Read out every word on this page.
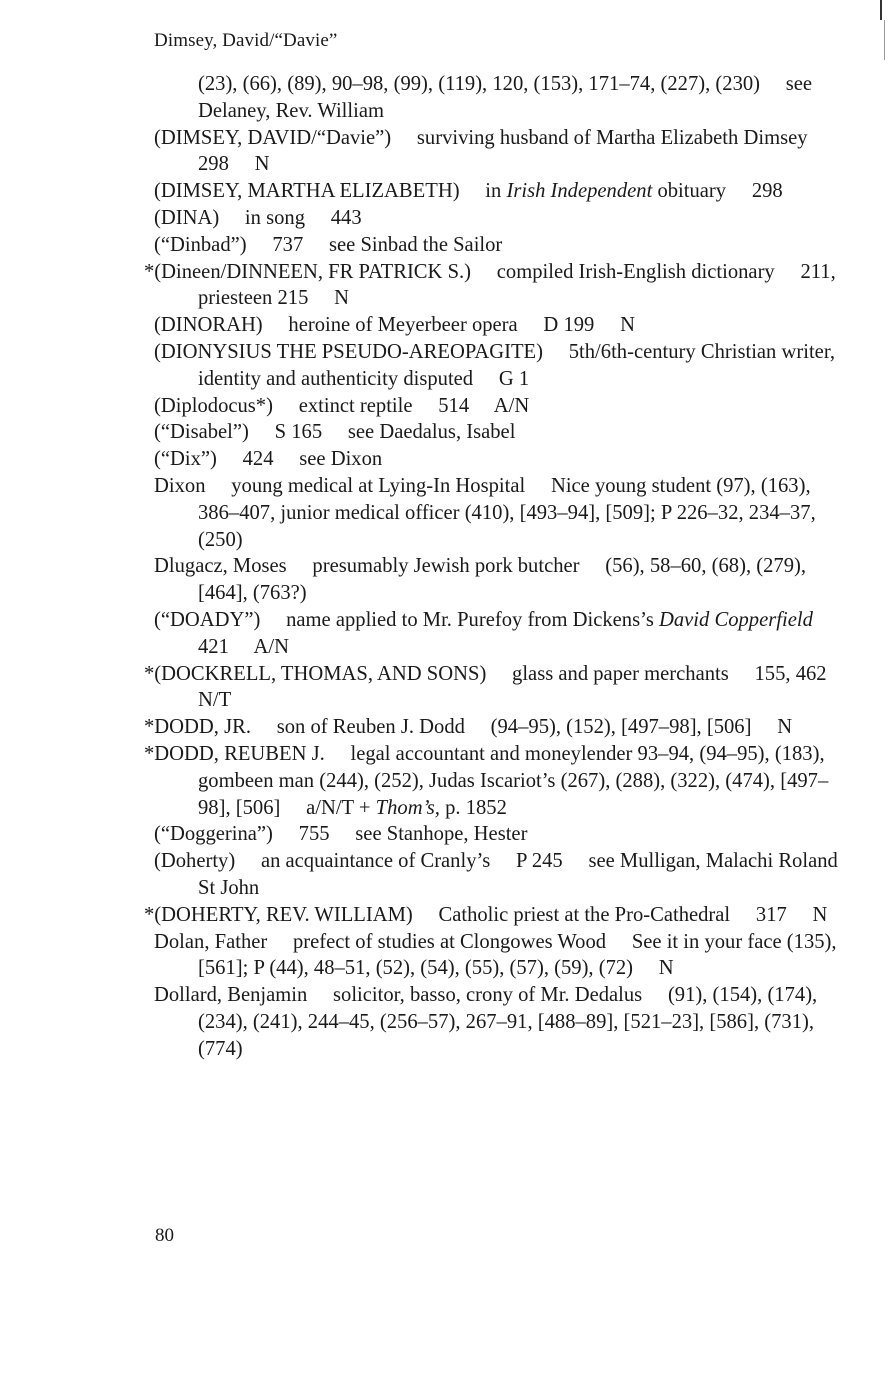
Dimsey, David/“Davie”
(23), (66), (89), 90–98, (99), (119), 120, (153), 171–74, (227), (230)     see Delaney, Rev. William
(DIMSEY, DAVID/“Davie”)     surviving husband of Martha Elizabeth Dimsey     298     N
(DIMSEY, MARTHA ELIZABETH)     in Irish Independent obituary     298
(DINA)     in song     443
(“Dinbad”)     737     see Sinbad the Sailor
*(Dineen/DINNEEN, FR PATRICK S.)     compiled Irish-English dictionary     211, priesteen 215     N
(DINORAH)     heroine of Meyerbeer opera     D 199     N
(DIONYSIUS THE PSEUDO-AREOPAGITE)     5th/6th-century Christian writer, identity and authenticity disputed     G 1
(Diplodocus*)     extinct reptile     514     A/N
(“Disabel”)     S 165     see Daedalus, Isabel
(“Dix”)     424     see Dixon
Dixon     young medical at Lying-In Hospital     Nice young student (97), (163), 386–407, junior medical officer (410), [493–94], [509]; P 226–32, 234–37, (250)
Dlugacz, Moses     presumably Jewish pork butcher     (56), 58–60, (68), (279), [464], (763?)
(“DOADY”)     name applied to Mr. Purefoy from Dickens’s David Copperfield     421     A/N
*(DOCKRELL, THOMAS, AND SONS)     glass and paper merchants     155, 462     N/T
*DODD, JR.     son of Reuben J. Dodd     (94–95), (152), [497–98], [506]     N
*DODD, REUBEN J.     legal accountant and moneylender 93–94, (94–95), (183), gombeen man (244), (252), Judas Iscariot’s (267), (288), (322), (474), [497–98], [506]     a/N/T + Thom’s, p. 1852
(“Doggerina”)     755     see Stanhope, Hester
(Doherty)     an acquaintance of Cranly’s     P 245     see Mulligan, Malachi Roland St John
*(DOHERTY, REV. WILLIAM)     Catholic priest at the Pro-Cathedral     317     N
Dolan, Father     prefect of studies at Clongowes Wood     See it in your face (135), [561]; P (44), 48–51, (52), (54), (55), (57), (59), (72)     N
Dollard, Benjamin     solicitor, basso, crony of Mr. Dedalus     (91), (154), (174), (234), (241), 244–45, (256–57), 267–91, [488–89], [521–23], [586], (731), (774)
80
